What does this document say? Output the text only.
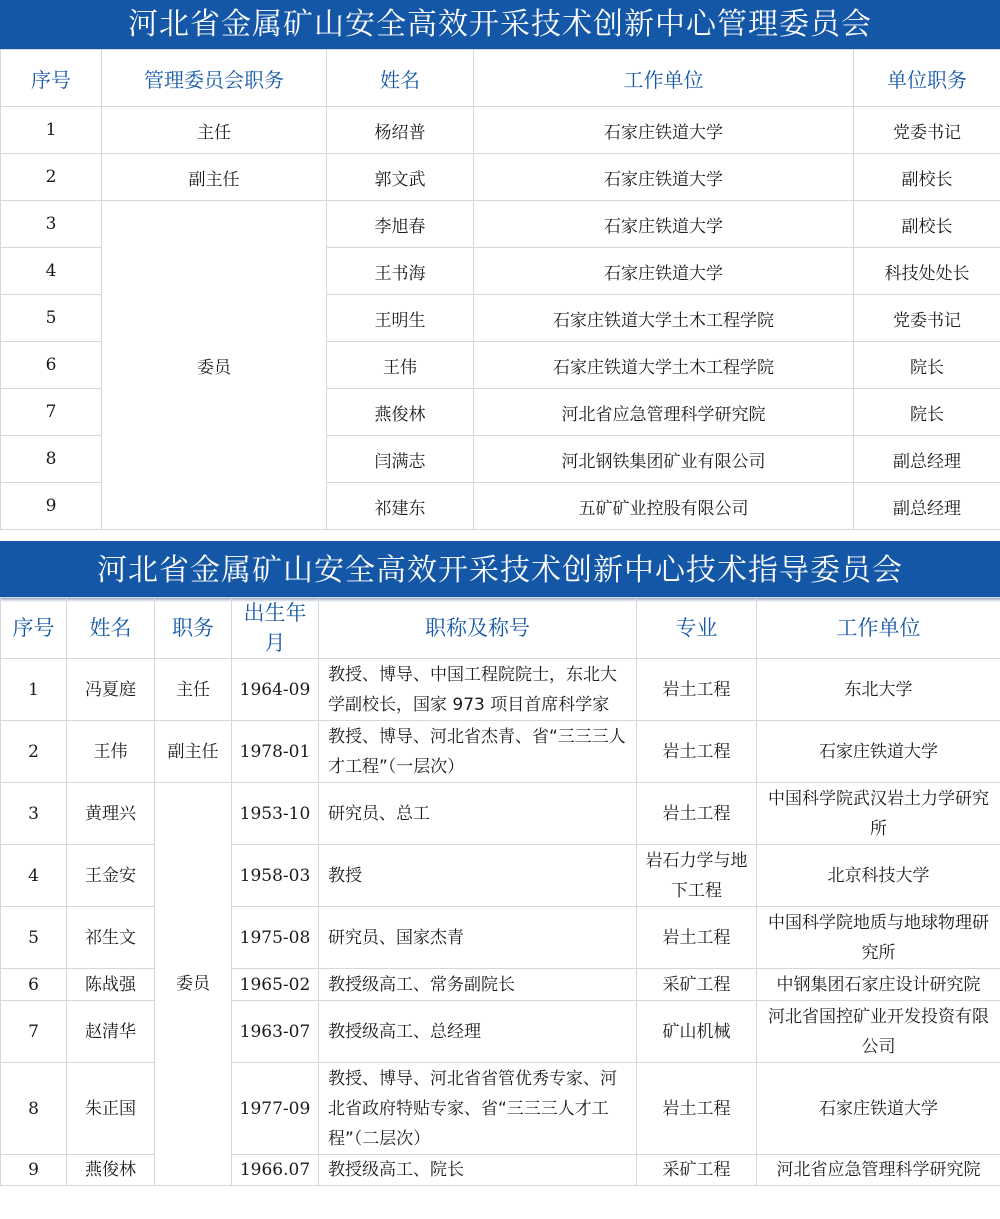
河北省金属矿山安全高效开采技术创新中心管理委员会
序号	管理委员会职务	姓名	工作单位	单位职务
1	主任	杨绍普	石家庄铁道大学	党委书记
2	副主任	郭文武	石家庄铁道大学	副校长
3	委员	李旭春	石家庄铁道大学	副校长
4		王书海	石家庄铁道大学	科技处处长
5		王明生	石家庄铁道大学土木工程学院	党委书记
6		王伟	石家庄铁道大学土木工程学院	院长
7		燕俊林	河北省应急管理科学研究院	院长
8		闫满志	河北钢铁集团矿业有限公司	副总经理
9		祁建东	五矿矿业控股有限公司	副总经理
河北省金属矿山安全高效开采技术创新中心技术指导委员会
序号	姓名	职务	出生年月	职称及称号	专业	工作单位
1	冯夏庭	主任	1964-09	教授、博导、中国工程院院士，东北大学副校长，国家 973 项目首席科学家	岩土工程	东北大学
2	王伟	副主任	1978-01	教授、博导、河北省杰青、省“三三三人才工程”（一层次）	岩土工程	石家庄铁道大学
3	黄理兴	委员	1953-10	研究员、总工	岩土工程	中国科学院武汉岩土力学研究所
4	王金安		1958-03	教授	岩石力学与地下工程	北京科技大学
5	祁生文		1975-08	研究员、国家杰青	岩土工程	中国科学院地质与地球物理研究所
6	陈战强		1965-02	教授级高工、常务副院长	采矿工程	中钢集团石家庄设计研究院
7	赵清华		1963-07	教授级高工、总经理	矿山机械	河北省国控矿业开发投资有限公司
8	朱正国		1977-09	教授、博导、河北省省管优秀专家、河北省政府特贴专家、省“三三三人才工程”（二层次）	岩土工程	石家庄铁道大学
9	燕俊林		1966.07	教授级高工、院长	采矿工程	河北省应急管理科学研究院
